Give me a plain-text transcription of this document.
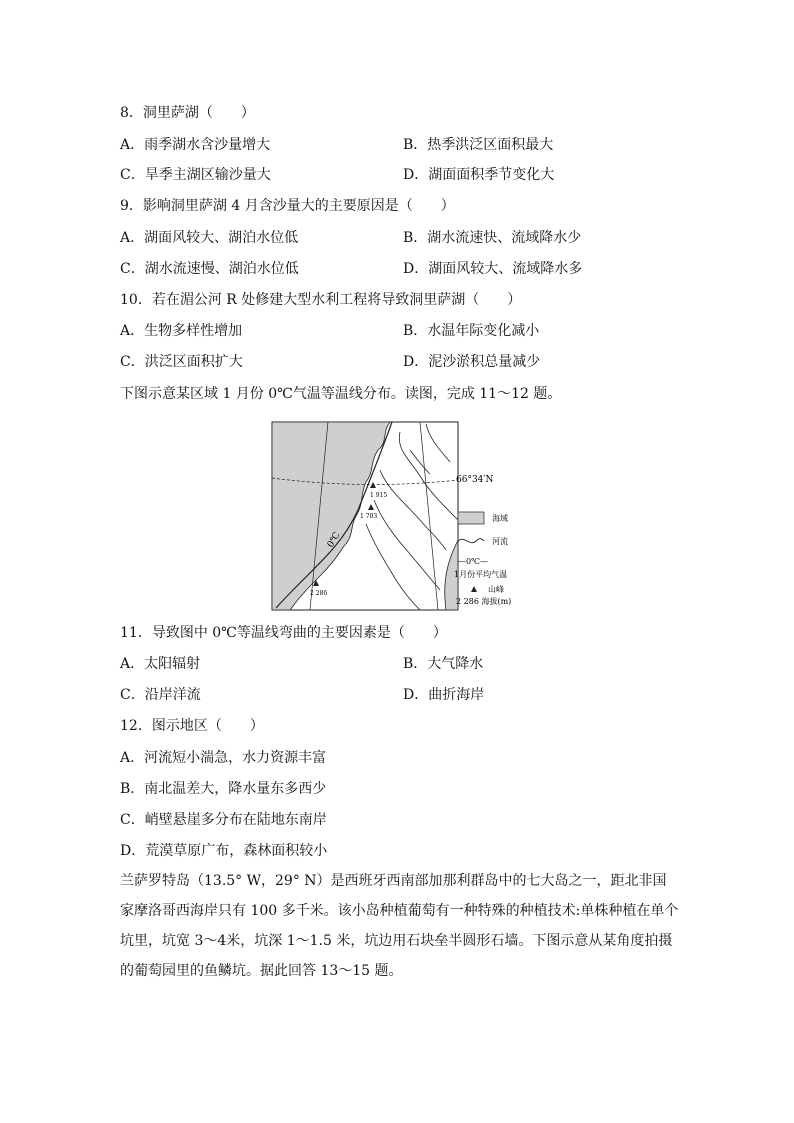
8．洞里萨湖（　　）
A．雨季湖水含沙量增大	B．热季洪泛区面积最大
C．旱季主湖区输沙量大	D．湖面面积季节变化大
9．影响洞里萨湖 4 月含沙量大的主要原因是（　　）
A．湖面风较大、湖泊水位低	B．湖水流速快、流域降水少
C．湖水流速慢、湖泊水位低	D．湖面风较大、流域降水多
10．若在湄公河 R 处修建大型水利工程将导致洞里萨湖（　　）
A．生物多样性增加	B．水温年际变化减小
C．洪泛区面积扩大	D．泥沙淤积总量减少
下图示意某区域 1 月份 0℃气温等温线分布。读图，完成 11～12 题。
0℃
1 915
1 703
2 286
66°34′N
海域
河流
—0℃—
1月份平均气温
山峰
2 286 海拔(m)
11．导致图中 0℃等温线弯曲的主要因素是（　　）
A．太阳辐射	B．大气降水
C．沿岸洋流	D．曲折海岸
12．图示地区（　　）
A．河流短小湍急，水力资源丰富
B．南北温差大，降水量东多西少
C．峭壁悬崖多分布在陆地东南岸
D．荒漠草原广布，森林面积较小
兰萨罗特岛（13.5° W，29° N）是西班牙西南部加那利群岛中的七大岛之一，距北非国家摩洛哥西海岸只有 100 多千米。该小岛种植葡萄有一种特殊的种植技术:单株种植在单个坑里，坑宽 3～4米，坑深 1～1.5 米，坑边用石块垒半圆形石墙。下图示意从某角度拍摄的葡萄园里的鱼鳞坑。据此回答 13～15 题。
